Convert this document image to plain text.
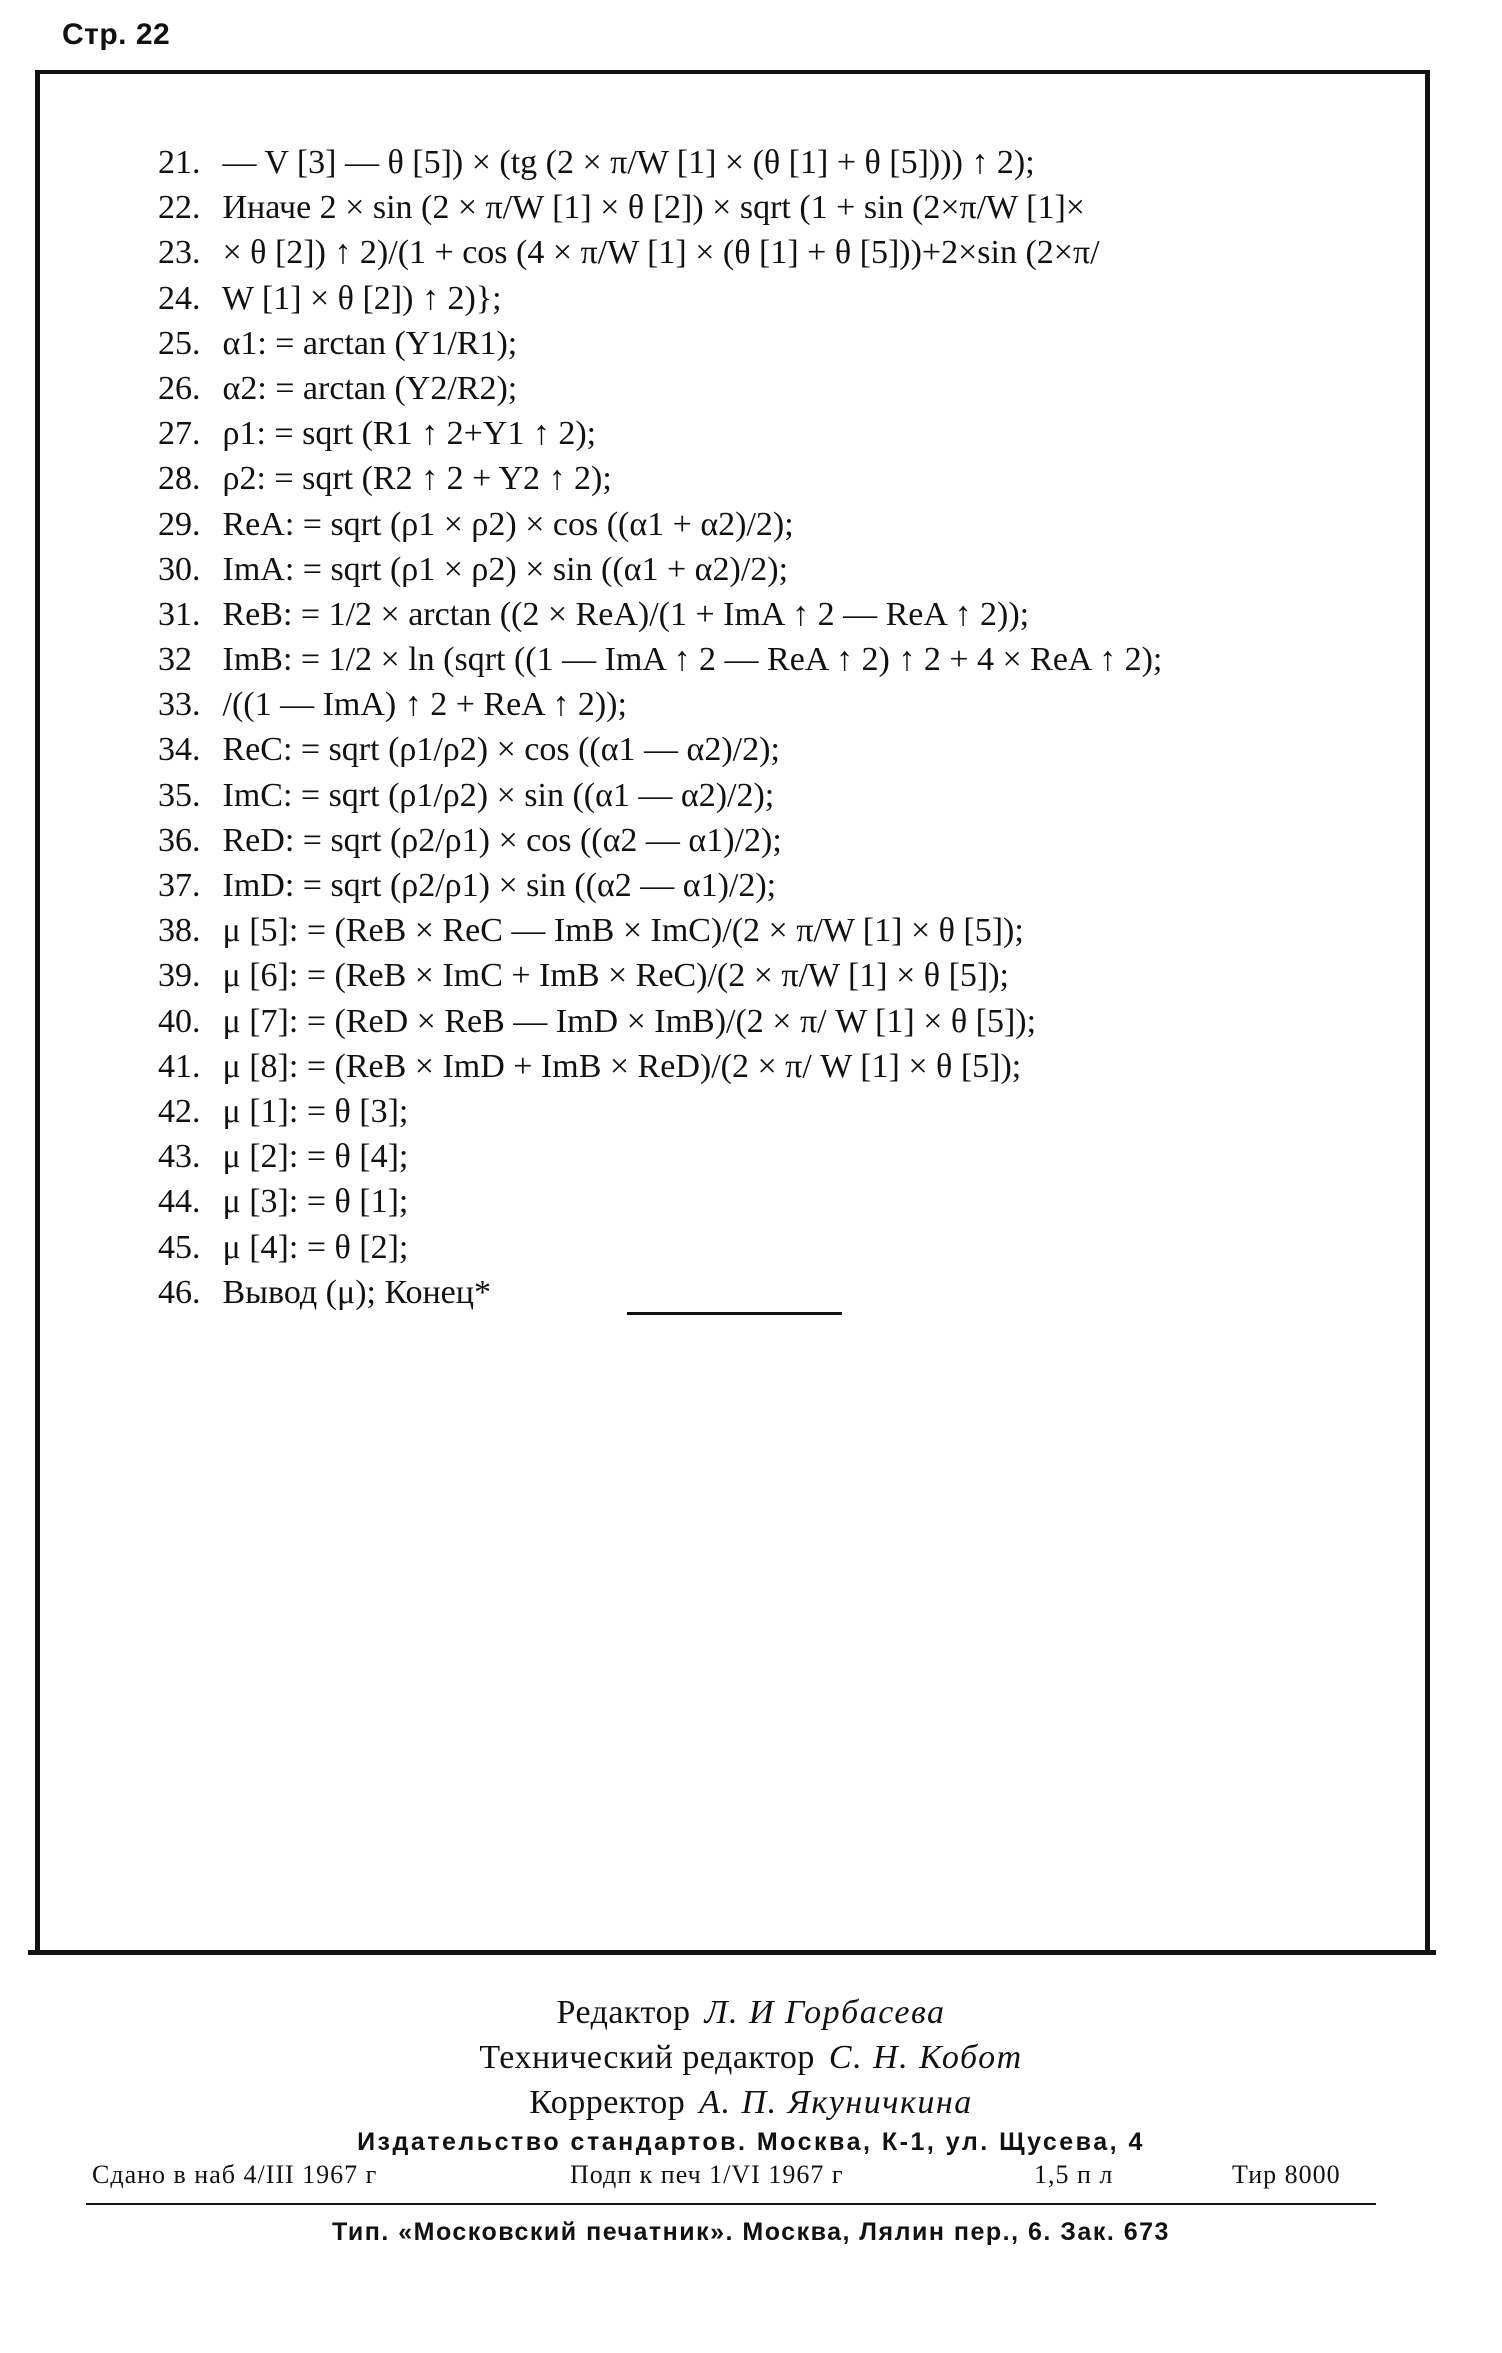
Стр. 22
21. — V [3] — θ [5]) × (tg (2 × π/W [1] × (θ [1] + θ [5]))) ↑ 2);
22. Иначе 2 × sin (2 × π/W [1] × θ [2]) × sqrt (1 + sin (2×π/W [1]×
23. × θ [2]) ↑ 2)/(1 + cos (4 × π/W [1] × (θ [1] + θ [5]))+2×sin (2×π/
24. W [1] × θ [2]) ↑ 2)};
25. α1: = arctan (Y1/R1);
26. α2: = arctan (Y2/R2);
27. ρ1: = sqrt (R1 ↑ 2+Y1 ↑ 2);
28. ρ2: = sqrt (R2 ↑ 2 + Y2 ↑ 2);
29. ReA: = sqrt (ρ1 × ρ2) × cos ((α1 + α2)/2);
30. ImA: = sqrt (ρ1 × ρ2) × sin ((α1 + α2)/2);
31. ReB: = 1/2 × arctan ((2 × ReA)/(1 + ImA ↑ 2 — ReA ↑ 2));
32 ImB: = 1/2 × ln (sqrt ((1 — ImA ↑ 2 — ReA ↑ 2) ↑ 2 + 4 × ReA ↑ 2);
33. /((1 — ImA) ↑ 2 + ReA ↑ 2));
34. ReC: = sqrt (ρ1/ρ2) × cos ((α1 — α2)/2);
35. ImC: = sqrt (ρ1/ρ2) × sin ((α1 — α2)/2);
36. ReD: = sqrt (ρ2/ρ1) × cos ((α2 — α1)/2);
37. ImD: = sqrt (ρ2/ρ1) × sin ((α2 — α1)/2);
38. μ [5]: = (ReB × ReC — ImB × ImC)/(2 × π/W [1] × θ [5]);
39. μ [6]: = (ReB × ImC + ImB × ReC)/(2 × π/W [1] × θ [5]);
40. μ [7]: = (ReD × ReB — ImD × ImB)/(2 × π/ W [1] × θ [5]);
41. μ [8]: = (ReB × ImD + ImB × ReD)/(2 × π/ W [1] × θ [5]);
42. μ [1]: = θ [3];
43. μ [2]: = θ [4];
44. μ [3]: = θ [1];
45. μ [4]: = θ [2];
46. Вывод (μ); Конец*
Редактор Л. И Горбасева
Технический редактор С. Н. Кобот
Корректор А. П. Якуничкина
Издательство стандартов. Москва, К-1, ул. Щусева, 4
Сдано в наб 4/III 1967 г	Подп к печ 1/VI 1967 г	1,5 п л	Тир 8000
Тип. «Московский печатник». Москва, Лялин пер., 6. Зак. 673
